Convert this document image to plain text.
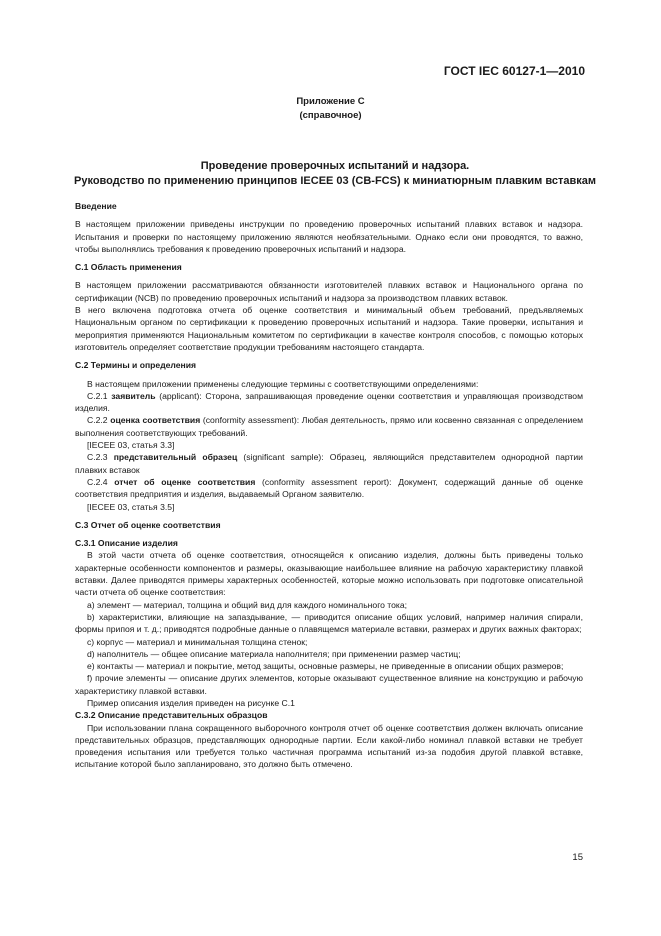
ГОСТ IEC 60127-1—2010
Приложение С
(справочное)
Проведение проверочных испытаний и надзора.
Руководство по применению принципов IECEE 03 (CB-FCS) к миниатюрным плавким вставкам

Введение

В настоящем приложении приведены инструкции по проведению проверочных испытаний плавких вставок и надзора. Испытания и проверки по настоящему приложению являются необязательными. Однако если они проводятся, то важно, чтобы выполнялись требования к проведению проверочных испытаний и надзора.

С.1 Область применения

В настоящем приложении рассматриваются обязанности изготовителей плавких вставок и Национального органа по сертификации (NCB) по проведению проверочных испытаний и надзора за производством плавких вставок.

В него включена подготовка отчета об оценке соответствия и минимальный объем требований, предъявляемых Национальным органом по сертификации к проведению проверочных испытаний и надзора. Такие проверки, испытания и мероприятия применяются Национальным комитетом по сертификации в качестве контроля способов, с помощью которых изготовитель определяет соответствие продукции требованиям настоящего стандарта.

С.2 Термины и определения

В настоящем приложении применены следующие термины с соответствующими определениями:

С.2.1 заявитель (applicant): Сторона, запрашивающая проведение оценки соответствия и управляющая производством изделия.

С.2.2 оценка соответствия (conformity assessment): Любая деятельность, прямо или косвенно связанная с определением выполнения соответствующих требований.

[IECEE 03, статья 3.3]

С.2.3 представительный образец (significant sample): Образец, являющийся представителем однородной партии плавких вставок

С.2.4 отчет об оценке соответствия (conformity assessment report): Документ, содержащий данные об оценке соответствия предприятия и изделия, выдаваемый Органом заявителю.

[IECEE 03, статья 3.5]

С.3 Отчет об оценке соответствия

С.3.1 Описание изделия

В этой части отчета об оценке соответствия, относящейся к описанию изделия, должны быть приведены только характерные особенности компонентов и размеры, оказывающие наибольшее влияние на рабочую характеристику плавкой вставки. Далее приводятся примеры характерных особенностей, которые можно использовать при подготовке описательной части отчета об оценке соответствия:

a) элемент — материал, толщина и общий вид для каждого номинального тока;

b) характеристики, влияющие на запаздывание, — приводится описание общих условий, например наличия спирали, формы припоя и т. д.; приводятся подробные данные о плавящемся материале вставки, размерах и других важных факторах;

c) корпус — материал и минимальная толщина стенок;

d) наполнитель — общее описание материала наполнителя; при применении размер частиц;

e) контакты — материал и покрытие, метод защиты, основные размеры, не приведенные в описании общих размеров;

f) прочие элементы — описание других элементов, которые оказывают существенное влияние на конструкцию и рабочую характеристику плавкой вставки.

Пример описания изделия приведен на рисунке С.1

С.3.2 Описание представительных образцов

При использовании плана сокращенного выборочного контроля отчет об оценке соответствия должен включать описание представительных образцов, представляющих однородные партии. Если какой-либо номинал плавкой вставки не требует проведения испытания или требуется только частичная программа испытаний из-за подобия другой плавкой вставке, испытание которой было запланировано, это должно быть отмечено.

15
